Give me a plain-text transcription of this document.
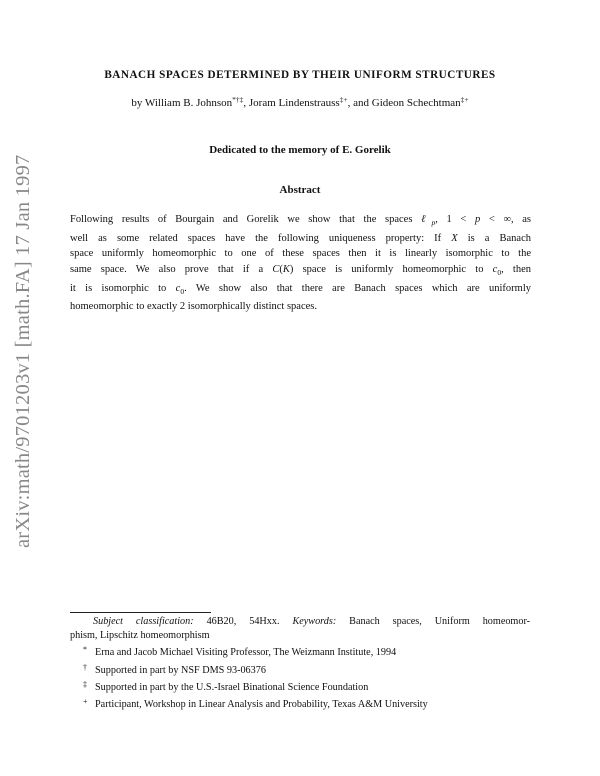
arXiv:math/9701203v1 [math.FA] 17 Jan 1997
BANACH SPACES DETERMINED BY THEIR UNIFORM STRUCTURES
by William B. Johnson*†‡, Joram Lindenstrauss‡+, and Gideon Schechtman‡+
Dedicated to the memory of E. Gorelik
Abstract
Following results of Bourgain and Gorelik we show that the spaces ℓ$_p$, 1 < p < ∞, as
well as some related spaces have the following uniqueness property: If X is a Banach
space uniformly homeomorphic to one of these spaces then it is linearly isomorphic to the
same space. We also prove that if a C(K) space is uniformly homeomorphic to $c_0$, then
it is isomorphic to $c_0$. We show also that there are Banach spaces which are uniformly
homeomorphic to exactly 2 isomorphically distinct spaces.
Subject classification: 46B20, 54Hxx. Keywords: Banach spaces, Uniform homeomor-
phism, Lipschitz homeomorphism
* Erna and Jacob Michael Visiting Professor, The Weizmann Institute, 1994
† Supported in part by NSF DMS 93-06376
‡ Supported in part by the U.S.-Israel Binational Science Foundation
+ Participant, Workshop in Linear Analysis and Probability, Texas A&M University
